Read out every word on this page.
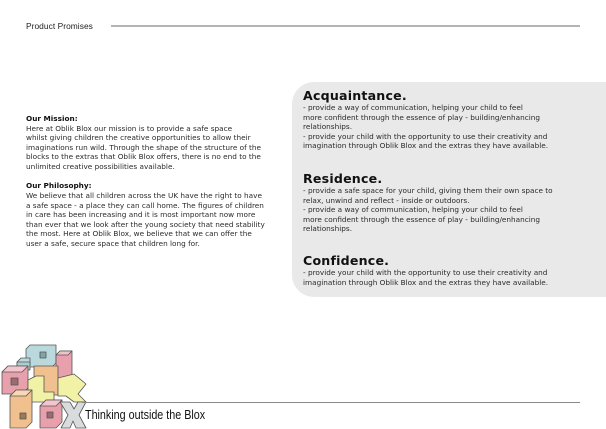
Product Promises

Our Mission:

Here at Oblik Blox our mission is to provide a safe space

whilst giving children the creative opportunities to allow their

imaginations run wild. Through the shape of the structure of the

blocks to the extras that Oblik Blox offers, there is no end to the

unlimited creative possibilities available.

Our Philosophy:

We believe that all children across the UK have the right to have

a safe space - a place they can call home. The figures of children

in care has been increasing and it is most important now more

than ever that we look after the young society that need stability

the most. Here at Oblik Blox, we believe that we can offer the

user a safe, secure space that children long for.

Acquaintance.
- provide a way of communication, helping your child to feel
more confident through the essence of play - building/enhancing
relationships.
- provide your child with the opportunity to use their creativity and
imagination through Oblik Blox and the extras they have available.
Residence.
- provide a safe space for your child, giving them their own space to
relax, unwind and reflect - inside or outdoors.
- provide a way of communication, helping your child to feel
more confident through the essence of play - building/enhancing
relationships.
Confidence.
- provide your child with the opportunity to use their creativity and
imagination through Oblik Blox and the extras they have available.
Thinking outside the Blox
